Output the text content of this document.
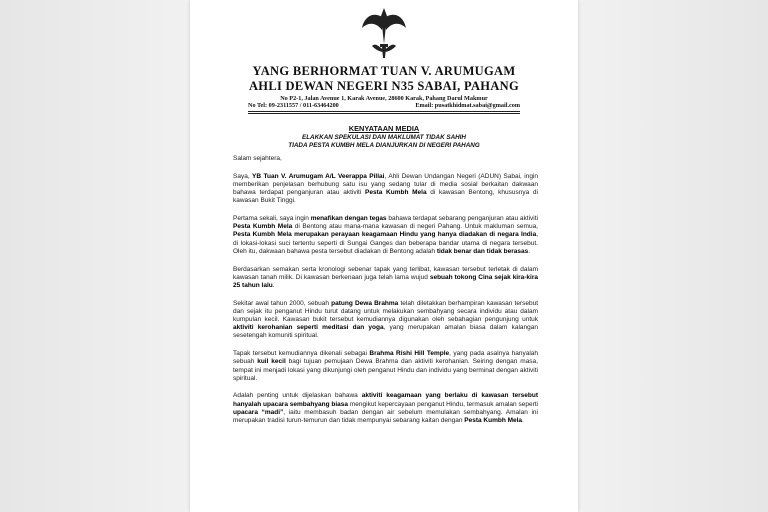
YANG BERHORMAT TUAN V. ARUMUGAM
AHLI DEWAN NEGERI N35 SABAI, PAHANG
No P2-1, Jalan Avenue 1, Karak Avenue, 28600 Karak, Pahang Darul Makmur
No Tel: 09-2311557 / 011-63464200	Email: pusatkhidmat.sabai@gmail.com
KENYATAAN MEDIA
ELAKKAN SPEKULASI DAN MAKLUMAT TIDAK SAHIH
TIADA PESTA KUMBH MELA DIANJURKAN DI NEGERI PAHANG

Salam sejahtera,

Saya, YB Tuan V. Arumugam A/L Veerappa Pillai, Ahli Dewan Undangan Negeri (ADUN) Sabai, ingin memberikan penjelasan berhubung satu isu yang sedang tular di media sosial berkaitan dakwaan bahawa terdapat penganjuran atau aktiviti Pesta Kumbh Mela di kawasan Bentong, khususnya di kawasan Bukit Tinggi.

Pertama sekali, saya ingin menafikan dengan tegas bahawa terdapat sebarang penganjuran atau aktiviti Pesta Kumbh Mela di Bentong atau mana-mana kawasan di negeri Pahang. Untuk makluman semua, Pesta Kumbh Mela merupakan perayaan keagamaan Hindu yang hanya diadakan di negara India, di lokasi-lokasi suci tertentu seperti di Sungai Ganges dan beberapa bandar utama di negara tersebut. Oleh itu, dakwaan bahawa pesta tersebut diadakan di Bentong adalah tidak benar dan tidak berasas.

Berdasarkan semakan serta kronologi sebenar tapak yang terlibat, kawasan tersebut terletak di dalam kawasan tanah milik. Di kawasan berkenaan juga telah lama wujud sebuah tokong Cina sejak kira-kira 25 tahun lalu.

Sekitar awal tahun 2000, sebuah patung Dewa Brahma telah diletakkan berhampiran kawasan tersebut dan sejak itu penganut Hindu turut datang untuk melakukan sembahyang secara individu atau dalam kumpulan kecil. Kawasan bukit tersebut kemudiannya digunakan oleh sebahagian pengunjung untuk aktiviti kerohanian seperti meditasi dan yoga, yang merupakan amalan biasa dalam kalangan sesetengah komuniti spiritual.

Tapak tersebut kemudiannya dikenali sebagai Brahma Rishi Hill Temple, yang pada asalnya hanyalah sebuah kuil kecil bagi tujuan pemujaan Dewa Brahma dan aktiviti kerohanian. Seiring dengan masa, tempat ini menjadi lokasi yang dikunjungi oleh penganut Hindu dan individu yang berminat dengan aktiviti spiritual.

Adalah penting untuk dijelaskan bahawa aktiviti keagamaan yang berlaku di kawasan tersebut hanyalah upacara sembahyang biasa mengikut kepercayaan penganut Hindu, termasuk amalan seperti upacara “madi”, iaitu membasuh badan dengan air sebelum memulakan sembahyang. Amalan ini merupakan tradisi turun-temurun dan tidak mempunyai sebarang kaitan dengan Pesta Kumbh Mela.
